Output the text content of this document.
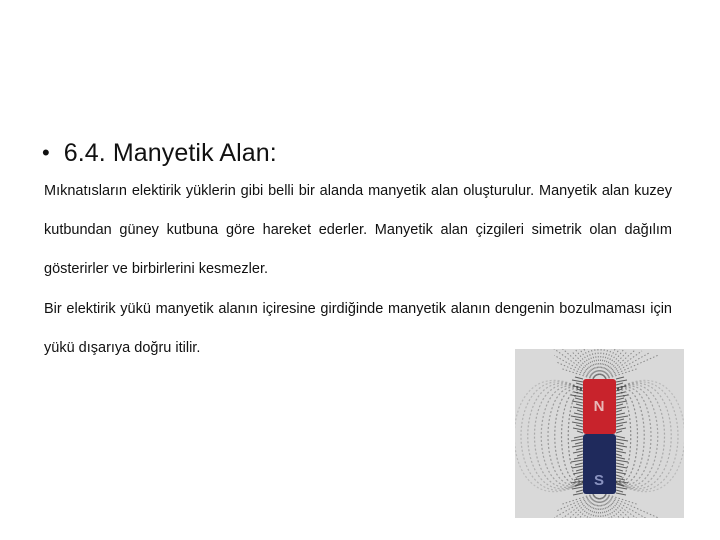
• 6.4. Manyetik Alan:

Mıknatısların elektirik yüklerin gibi belli bir alanda manyetik alan oluşturulur. Manyetik alan kuzey kutbundan güney kutbuna göre hareket ederler. Manyetik alan çizgileri simetrik olan dağılım gösterirler ve birbirlerini kesmezler.

Bir elektirik yükü manyetik alanın içiresine girdiğinde manyetik alanın dengenin bozulmaması için yükü dışarıya doğru itilir.

N
S
